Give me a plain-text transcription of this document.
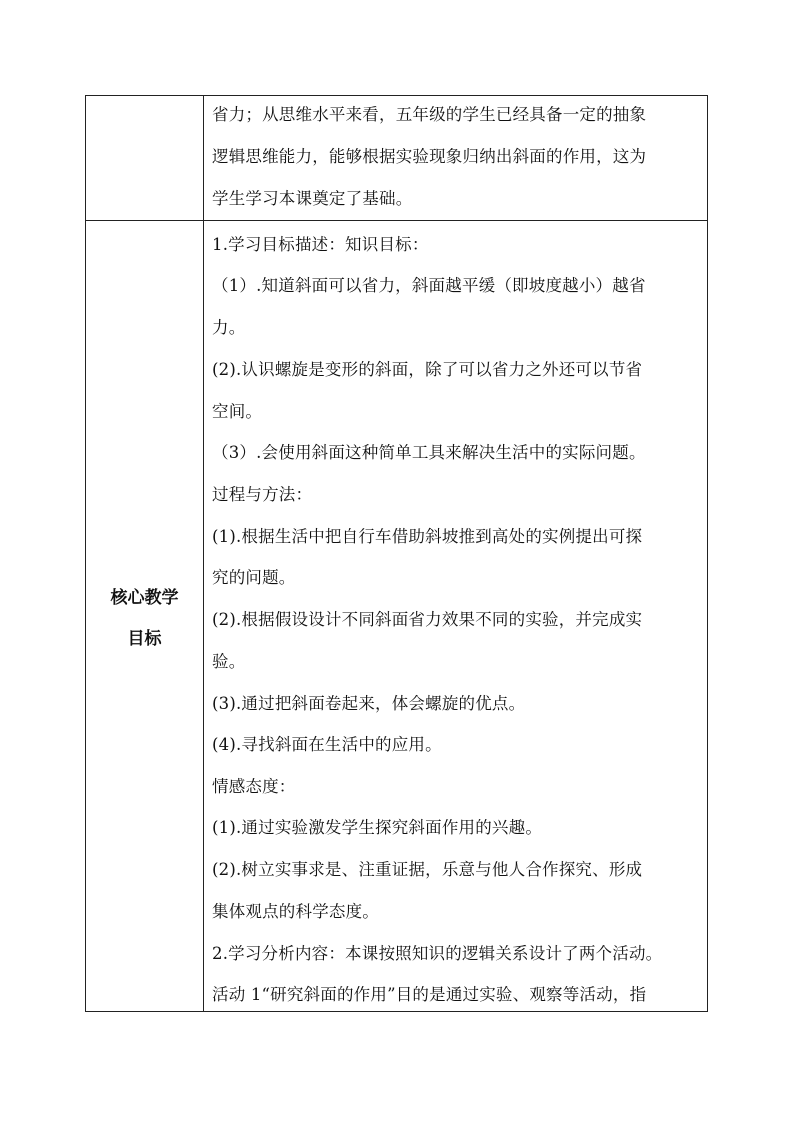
省力；从思维水平来看，五年级的学生已经具备一定的抽象
逻辑思维能力，能够根据实验现象归纳出斜面的作用，这为
学生学习本课奠定了基础。
核心教学
目标
1.学习目标描述：知识目标：
（1）.知道斜面可以省力，斜面越平缓（即坡度越小）越省
力。
(2).认识螺旋是变形的斜面，除了可以省力之外还可以节省
空间。
（3）.会使用斜面这种简单工具来解决生活中的实际问题。
过程与方法：
(1).根据生活中把自行车借助斜坡推到高处的实例提出可探
究的问题。
(2).根据假设设计不同斜面省力效果不同的实验，并完成实
验。
(3).通过把斜面卷起来，体会螺旋的优点。
(4).寻找斜面在生活中的应用。
情感态度：
(1).通过实验激发学生探究斜面作用的兴趣。
(2).树立实事求是、注重证据，乐意与他人合作探究、形成
集体观点的科学态度。
2.学习分析内容：本课按照知识的逻辑关系设计了两个活动。
活动 1“研究斜面的作用”目的是通过实验、观察等活动，指
